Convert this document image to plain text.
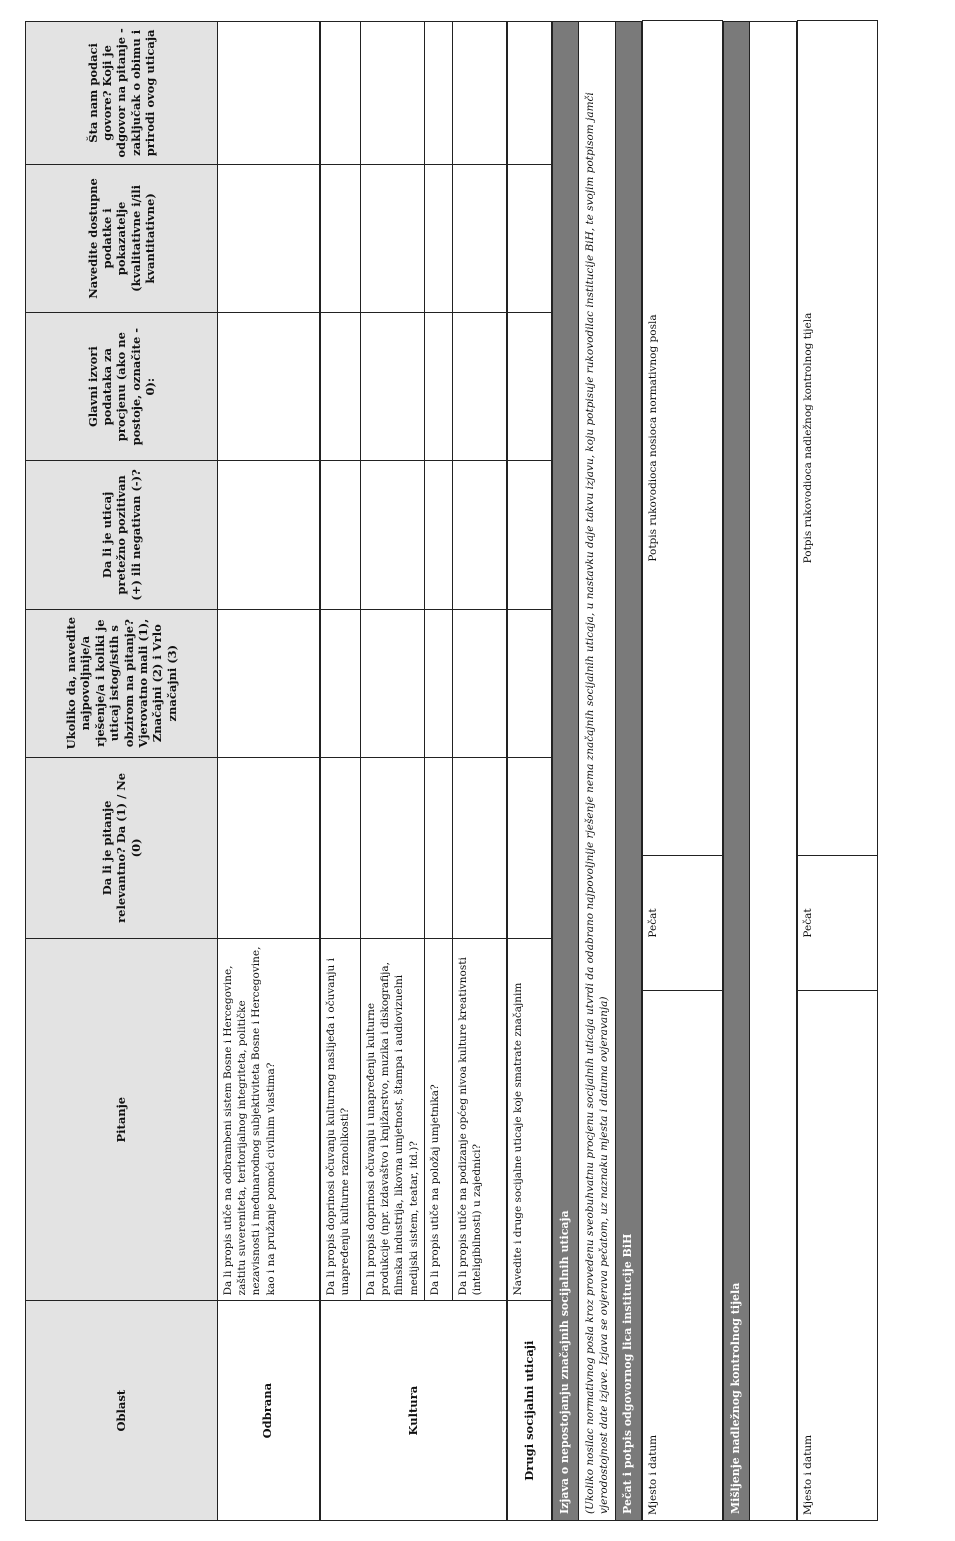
Oblast	Pitanje	Da li je pitanje relevantno? Da (1) / Ne (0)	Ukoliko da, navedite najpovoljnije/a rješenje/a i koliki je uticaj istog/istih s obzirom na pitanje? Vjerovatno mali (1), Značajni (2) i Vrlo značajni (3)	Da li je uticaj pretežno pozitivan (+) ili negativan (-)?	Glavni izvori podataka za procjenu (ako ne postoje, označite - 0):	Navedite dostupne podatke i pokazatelje (kvalitativne i/ili kvantitativne)	Šta nam podaci govore? Koji je odgovor na pitanje - zaključak o obimu i prirodi ovog uticaja
Odbrana	Da li propis utiče na odbrambeni sistem Bosne i Hercegovine, zaštitu suvereniteta, teritorijalnog integriteta, političke nezavisnosti i međunarodnog subjektiviteta Bosne i Hercegovine, kao i na pružanje pomoći civilnim vlastima?						
Kultura	Da li propis doprinosi očuvanju kulturnog naslijeđa i očuvanju i unapređenju kulturne raznolikosti?						
	Da li propis doprinosi očuvanju i unapređenju kulturne produkcije (npr. izdavaštvo i knjižarstvo, muzika i diskografija, filmska industrija, likovna umjetnost, štampa i audiovizuelni medijski sistem, teatar, itd.)?						
	Da li propis utiče na položaj umjetnika?						
	Da li propis utiče na podizanje općeg nivoa kulture kreativnosti (inteligibilnosti) u zajednici?						
Drugi socijalni uticaji	Navedite i druge socijalne uticaje koje smatrate značajnim						
Izjava o nepostojanju značajnih socijalnih uticaja
(Ukoliko nosilac normativnog posla kroz provedenu sveobuhvatnu procjenu socijalnih uticaja utvrdi da odabrano najpovoljnije rješenje nema značajnih socijalnih uticaja, u nastavku daje takvu izjavu, koju potpisuje rukovodilac institucije BiH, te svojim potpisom jamči vjerodostojnost date izjave. Izjava se ovjerava pečatom, uz naznaku mjesta i datuma ovjeravanja)
Pečat i potpis odgovornog lica institucije BiH Mjesto i datum	Pečat	Potpis rukovodioca nosioca normativnog posla
Mišljenje nadležnog kontrolnog tijela	Mjesto i datum	Pečat	Potpis rukovodioca nadležnog kontrolnog tijela
